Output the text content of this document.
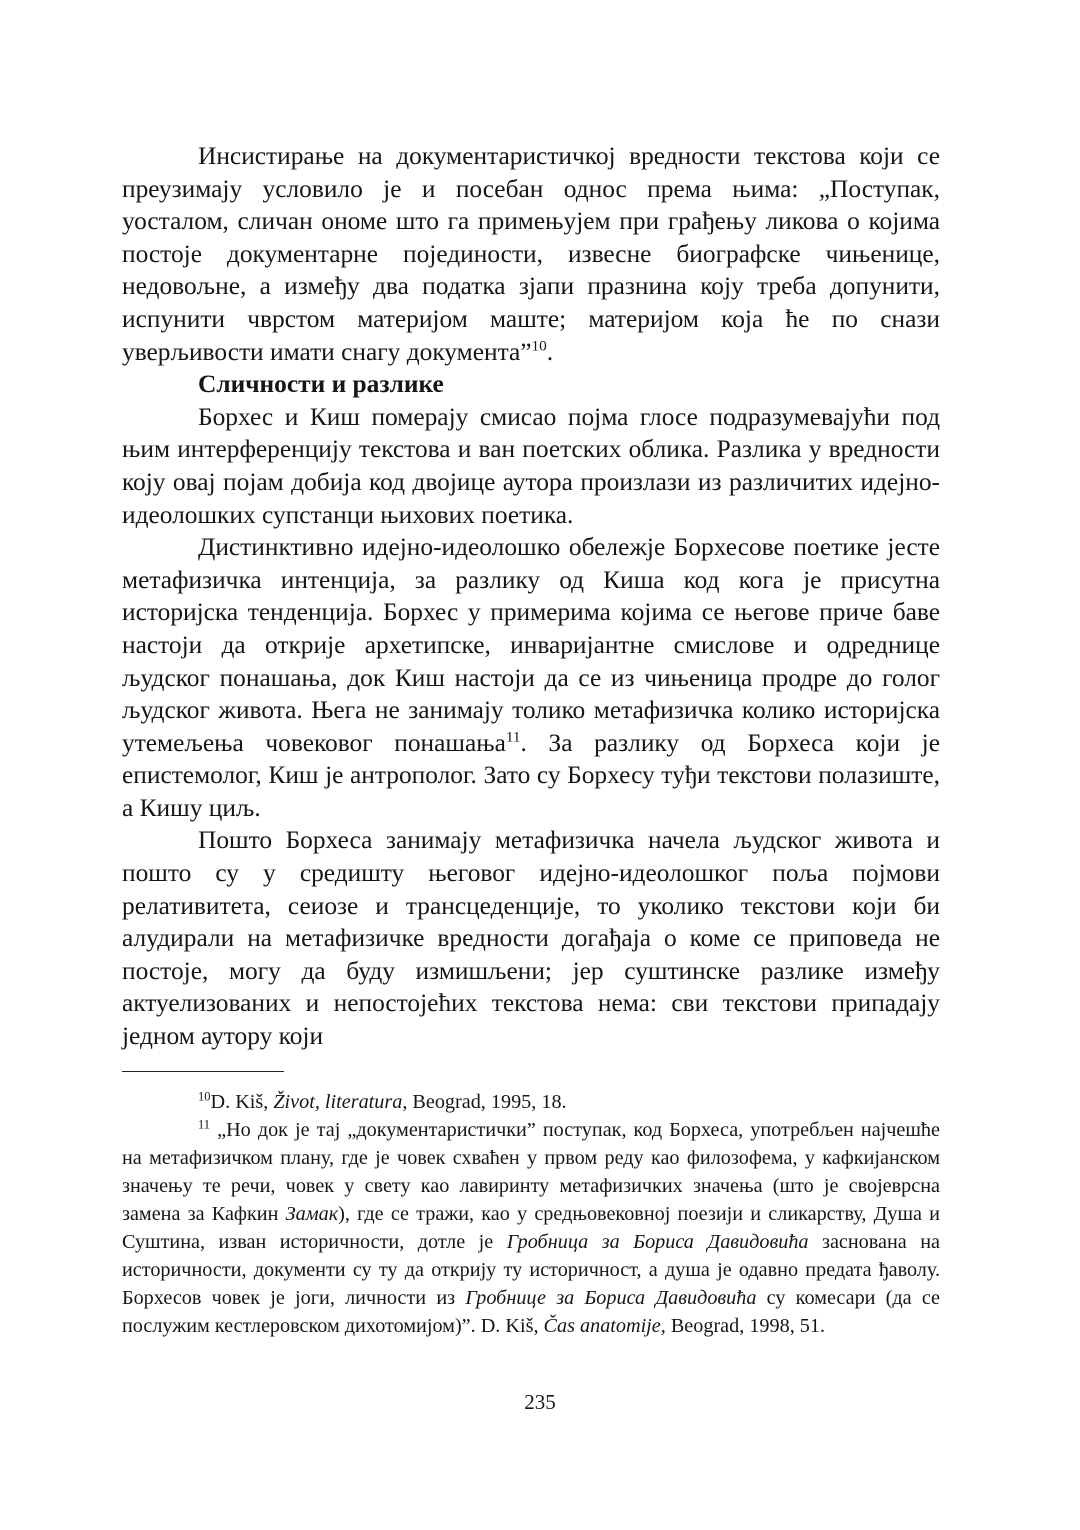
Инсистирање на документаристичкој вредности текстова који се преузимају условило је и посебан однос према њима: „Поступак, уосталом, сличан ономе што га примењујем при грађењу ликова о којима постоје документарне појединости, извесне биографске чињенице, недовољне, а између два податка зјапи празнина коју треба допунити, испунити чврстом материјом маште; материјом која ће по снази уверљивости имати снагу документа”$^{10}$.

Сличности и разлике

Борхес и Киш померају смисао појма глосе подразумевајући под њим интерференцију текстова и ван поетских облика. Разлика у вредности коју овај појам добија код двојице аутора произлази из различитих идејно-идеолошких супстанци њихових поетика.

Дистинктивно идејно-идеолошко обележје Борхесове поетике јесте метафизичка интенција, за разлику од Киша код кога је присутна историјска тенденција. Борхес у примерима којима се његове приче баве настоји да открије архетипске, инваријантне смислове и одреднице људског понашања, док Киш настоји да се из чињеница продре до голог људског живота. Њега не занимају толико метафизичка колико историјска утемељења човековог понашања$^{11}$. За разлику од Борхеса који је епистемолог, Киш је антрополог. Зато су Борхесу туђи текстови полазиште, а Кишу циљ.

Пошто Борхеса занимају метафизичка начела људског живота и пошто су у средишту његовог идејно-идеолошког поља појмови релативитета, сеиозе и трансцеденције, то уколико текстови који би алудирали на метафизичке вредности догађаја о коме се приповеда не постоје, могу да буду измишљени; јер суштинске разлике између актуелизованих и непостојећих текстова нема: сви текстови припадају једном аутору који

$^{10}$D. Kiš, Život, literatura, Beograd, 1995, 18.

$^{11}$ „Но док је тај „документаристички” поступак, код Борхеса, употребљен најчешће на метафизичком плану, где је човек схваћен у првом реду као филозофема, у кафкијанском значењу те речи, човек у свету као лавиринту метафизичких значења (што је својеврсна замена за Кафкин Замак), где се тражи, као у средњовековној поезији и сликарству, Душа и Суштина, изван историчности, дотле је Гробница за Бориса Давидовића заснована на историчности, документи су ту да открију ту историчност, а душа је одавно предата ђаволу. Борхесов човек је јоги, личности из Гробнице за Бориса Давидовића су комесари (да се послужим кестлеровском дихотомијом)”. D. Kiš, Čas anatomije, Beograd, 1998, 51.

235
